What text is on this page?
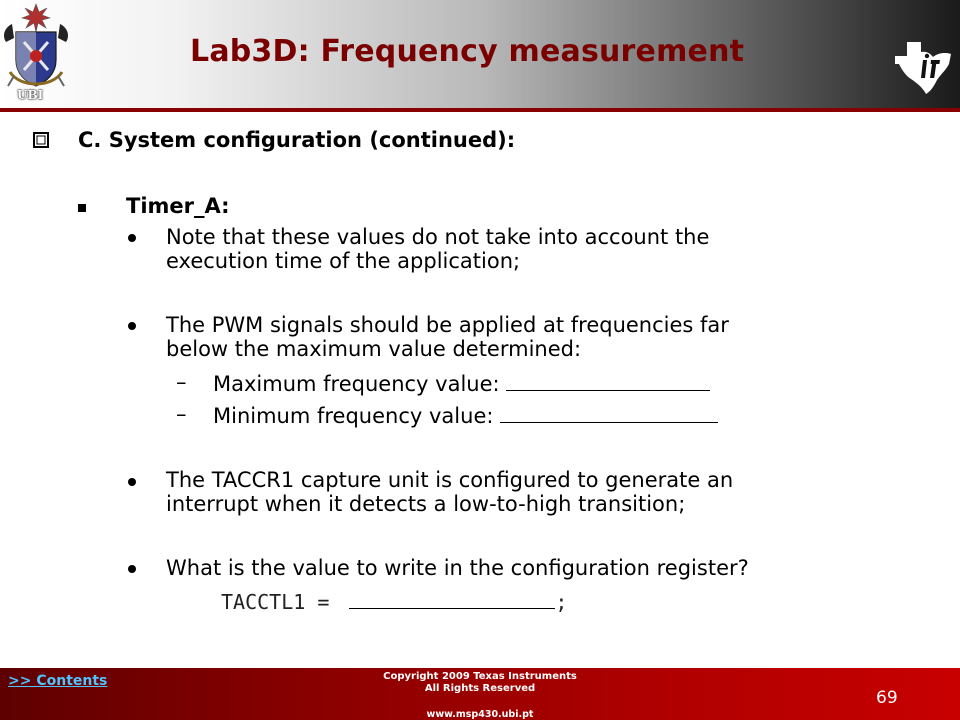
UBI
Lab3D: Frequency measurement
C. System configuration (continued):
Timer_A:
Note that these values do not take into account the
execution time of the application;
The PWM signals should be applied at frequencies far
below the maximum value determined:
– Maximum frequency value:
– Minimum frequency value:
The TACCR1 capture unit is configured to generate an
interrupt when it detects a low-to-high transition;
What is the value to write in the configuration register?
TACCTL1 =	;
>> Contents	Copyright 2009 Texas Instruments
All Rights Reserved
www.msp430.ubi.pt
69
